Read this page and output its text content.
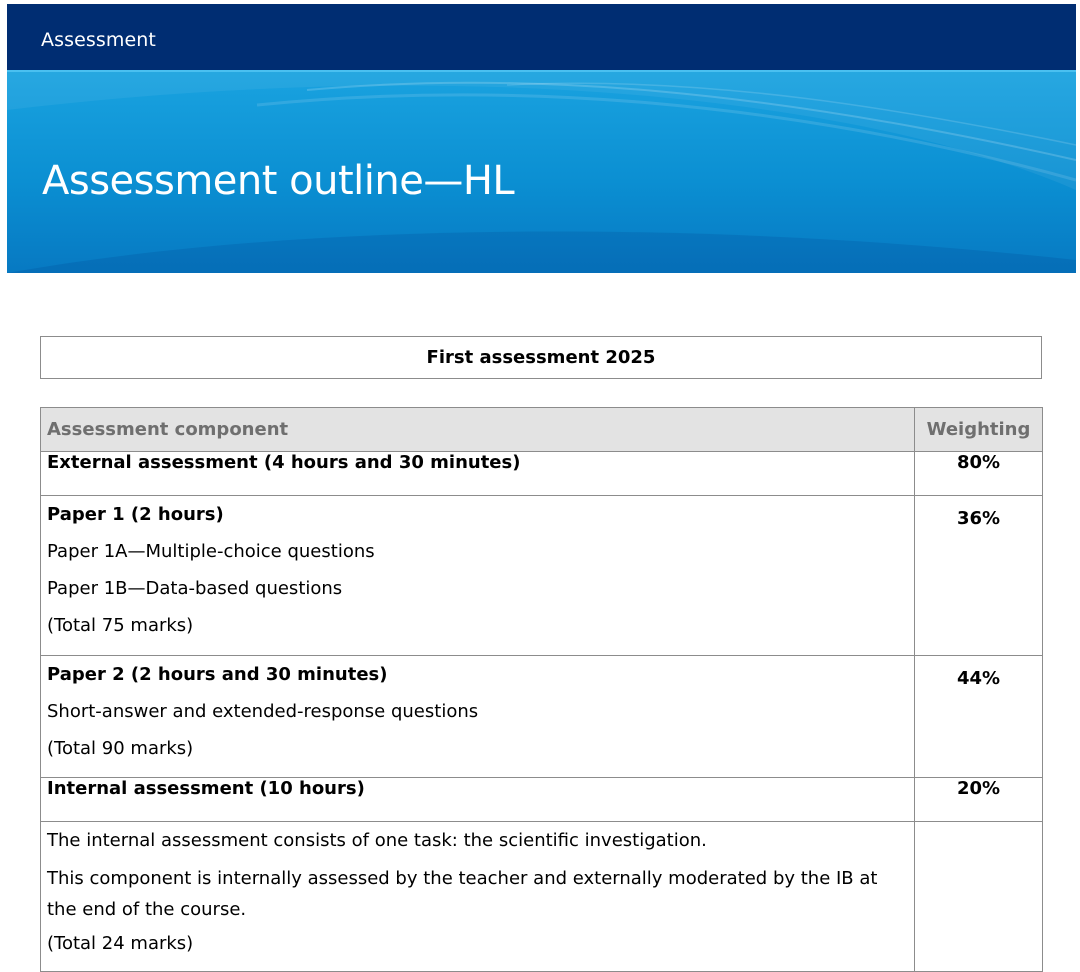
Assessment
Assessment outline—HL
First assessment 2025
Assessment component	Weighting
External assessment (4 hours and 30 minutes)	80%

Paper 1 (2 hours)
Paper 1A—Multiple-choice questions
Paper 1B—Data-based questions
(Total 75 marks)	36%

Paper 2 (2 hours and 30 minutes)
Short-answer and extended-response questions
(Total 90 marks)	44%

Internal assessment (10 hours)	20%

The internal assessment consists of one task: the scientific investigation.
This component is internally assessed by the teacher and externally moderated by the IB at the end of the course.
(Total 24 marks)	
